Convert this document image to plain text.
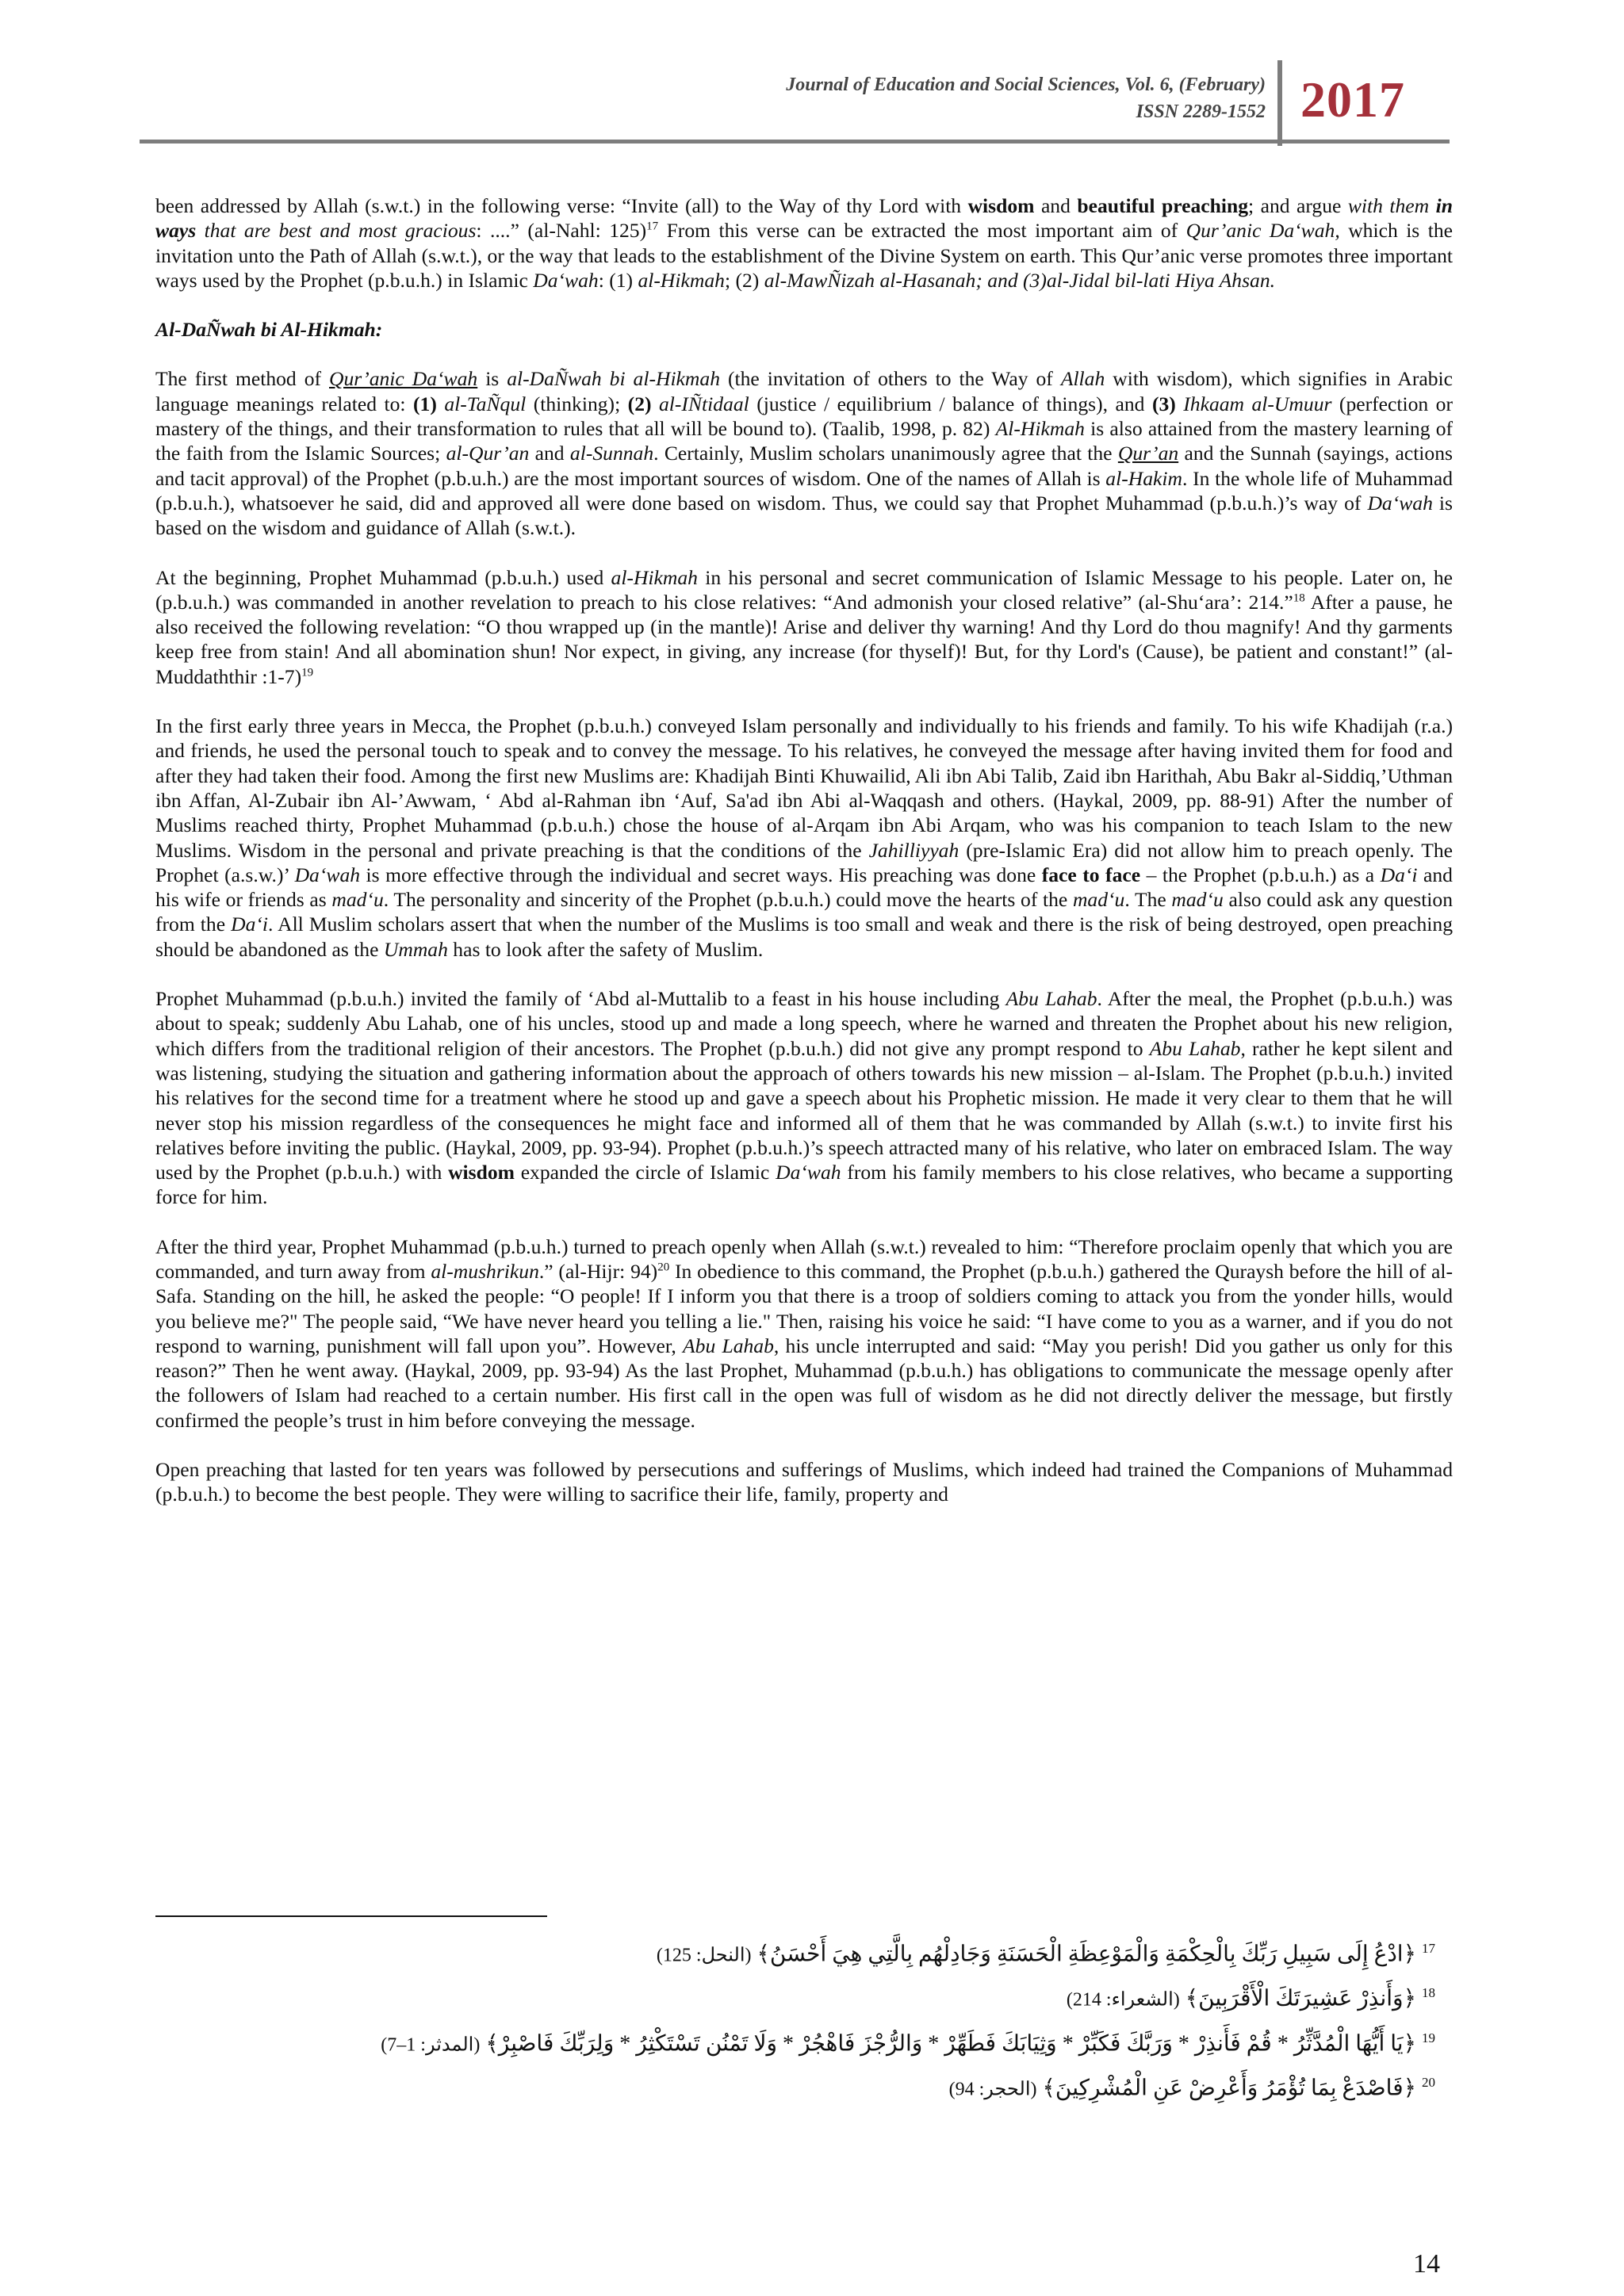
Journal of Education and Social Sciences, Vol. 6, (February)
ISSN 2289-1552 2017

been addressed by Allah (s.w.t.) in the following verse: “Invite (all) to the Way of thy Lord with wisdom and beautiful preaching; and argue with them in ways that are best and most gracious: ....” (al-Nahl: 125)$^{17}$ From this verse can be extracted the most important aim of Qur’anic Da‘wah, which is the invitation unto the Path of Allah (s.w.t.), or the way that leads to the establishment of the Divine System on earth. This Qur’anic verse promotes three important ways used by the Prophet (p.b.u.h.) in Islamic Da‘wah: (1) al-Hikmah; (2) al-MawÑizah al-Hasanah; and (3)al-Jidal bil-lati Hiya Ahsan.

Al-DaÑwah bi Al-Hikmah:

The first method of Qur’anic Da‘wah is al-DaÑwah bi al-Hikmah (the invitation of others to the Way of Allah with wisdom), which signifies in Arabic language meanings related to: (1) al-TaÑqul (thinking); (2) al-IÑtidaal (justice / equilibrium / balance of things), and (3) Ihkaam al-Umuur (perfection or mastery of the things, and their transformation to rules that all will be bound to). (Taalib, 1998, p. 82) Al-Hikmah is also attained from the mastery learning of the faith from the Islamic Sources; al-Qur’an and al-Sunnah. Certainly, Muslim scholars unanimously agree that the Qur’an and the Sunnah (sayings, actions and tacit approval) of the Prophet (p.b.u.h.) are the most important sources of wisdom. One of the names of Allah is al-Hakim. In the whole life of Muhammad (p.b.u.h.), whatsoever he said, did and approved all were done based on wisdom. Thus, we could say that Prophet Muhammad (p.b.u.h.)’s way of Da‘wah is based on the wisdom and guidance of Allah (s.w.t.).

At the beginning, Prophet Muhammad (p.b.u.h.) used al-Hikmah in his personal and secret communication of Islamic Message to his people. Later on, he (p.b.u.h.) was commanded in another revelation to preach to his close relatives: “And admonish your closed relative” (al-Shu‘ara’: 214.”$^{18}$ After a pause, he also received the following revelation: “O thou wrapped up (in the mantle)! Arise and deliver thy warning! And thy Lord do thou magnify! And thy garments keep free from stain! And all abomination shun! Nor expect, in giving, any increase (for thyself)! But, for thy Lord's (Cause), be patient and constant!” (al-Muddaththir :1-7)$^{19}$

In the first early three years in Mecca, the Prophet (p.b.u.h.) conveyed Islam personally and individually to his friends and family. To his wife Khadijah (r.a.) and friends, he used the personal touch to speak and to convey the message. To his relatives, he conveyed the message after having invited them for food and after they had taken their food. Among the first new Muslims are: Khadijah Binti Khuwailid, Ali ibn Abi Talib, Zaid ibn Harithah, Abu Bakr al-Siddiq,’Uthman ibn Affan, Al-Zubair ibn Al-’Awwam, ‘ Abd al-Rahman ibn ‘Auf, Sa'ad ibn Abi al-Waqqash and others. (Haykal, 2009, pp. 88-91) After the number of Muslims reached thirty, Prophet Muhammad (p.b.u.h.) chose the house of al-Arqam ibn Abi Arqam, who was his companion to teach Islam to the new Muslims. Wisdom in the personal and private preaching is that the conditions of the Jahilliyyah (pre-Islamic Era) did not allow him to preach openly. The Prophet (a.s.w.)’ Da‘wah is more effective through the individual and secret ways. His preaching was done face to face – the Prophet (p.b.u.h.) as a Da‘i and his wife or friends as mad‘u. The personality and sincerity of the Prophet (p.b.u.h.) could move the hearts of the mad‘u. The mad‘u also could ask any question from the Da‘i. All Muslim scholars assert that when the number of the Muslims is too small and weak and there is the risk of being destroyed, open preaching should be abandoned as the Ummah has to look after the safety of Muslim.

Prophet Muhammad (p.b.u.h.) invited the family of ‘Abd al-Muttalib to a feast in his house including Abu Lahab. After the meal, the Prophet (p.b.u.h.) was about to speak; suddenly Abu Lahab, one of his uncles, stood up and made a long speech, where he warned and threaten the Prophet about his new religion, which differs from the traditional religion of their ancestors. The Prophet (p.b.u.h.) did not give any prompt respond to Abu Lahab, rather he kept silent and was listening, studying the situation and gathering information about the approach of others towards his new mission – al-Islam. The Prophet (p.b.u.h.) invited his relatives for the second time for a treatment where he stood up and gave a speech about his Prophetic mission. He made it very clear to them that he will never stop his mission regardless of the consequences he might face and informed all of them that he was commanded by Allah (s.w.t.) to invite first his relatives before inviting the public. (Haykal, 2009, pp. 93-94). Prophet (p.b.u.h.)’s speech attracted many of his relative, who later on embraced Islam. The way used by the Prophet (p.b.u.h.) with wisdom expanded the circle of Islamic Da‘wah from his family members to his close relatives, who became a supporting force for him.

After the third year, Prophet Muhammad (p.b.u.h.) turned to preach openly when Allah (s.w.t.) revealed to him: “Therefore proclaim openly that which you are commanded, and turn away from al-mushrikun.” (al-Hijr: 94)$^{20}$ In obedience to this command, the Prophet (p.b.u.h.) gathered the Quraysh before the hill of al-Safa. Standing on the hill, he asked the people: “O people! If I inform you that there is a troop of soldiers coming to attack you from the yonder hills, would you believe me?" The people said, “We have never heard you telling a lie." Then, raising his voice he said: “I have come to you as a warner, and if you do not respond to warning, punishment will fall upon you”. However, Abu Lahab, his uncle interrupted and said: “May you perish! Did you gather us only for this reason?” Then he went away. (Haykal, 2009, pp. 93-94) As the last Prophet, Muhammad (p.b.u.h.) has obligations to communicate the message openly after the followers of Islam had reached to a certain number. His first call in the open was full of wisdom as he did not directly deliver the message, but firstly confirmed the people’s trust in him before conveying the message.

Open preaching that lasted for ten years was followed by persecutions and sufferings of Muslims, which indeed had trained the Companions of Muhammad (p.b.u.h.) to become the best people. They were willing to sacrifice their life, family, property and

$^{17}$ ﴿ادْعُ إِلَى سَبِيلِ رَبِّكَ بِالْحِكْمَةِ وَالْمَوْعِظَةِ الْحَسَنَةِ وَجَادِلْهُم بِالَّتِي هِيَ أَحْسَنُ﴾ (النحل: 125)
$^{18}$ ﴿وَأَنذِرْ عَشِيرَتَكَ الْأَقْرَبِينَ﴾ (الشعراء: 214)
$^{19}$ ﴿يَا أَيُّهَا الْمُدَّثِّرُ * قُمْ فَأَنذِرْ * وَرَبَّكَ فَكَبِّرْ * وَثِيَابَكَ فَطَهِّرْ * وَالرُّجْزَ فَاهْجُرْ * وَلَا تَمْنُن تَسْتَكْثِرُ * وَلِرَبِّكَ فَاصْبِرْ﴾ (المدثر: 1–7)
$^{20}$ ﴿فَاصْدَعْ بِمَا تُؤْمَرُ وَأَعْرِضْ عَنِ الْمُشْرِكِينَ﴾ (الحجر: 94)
14
